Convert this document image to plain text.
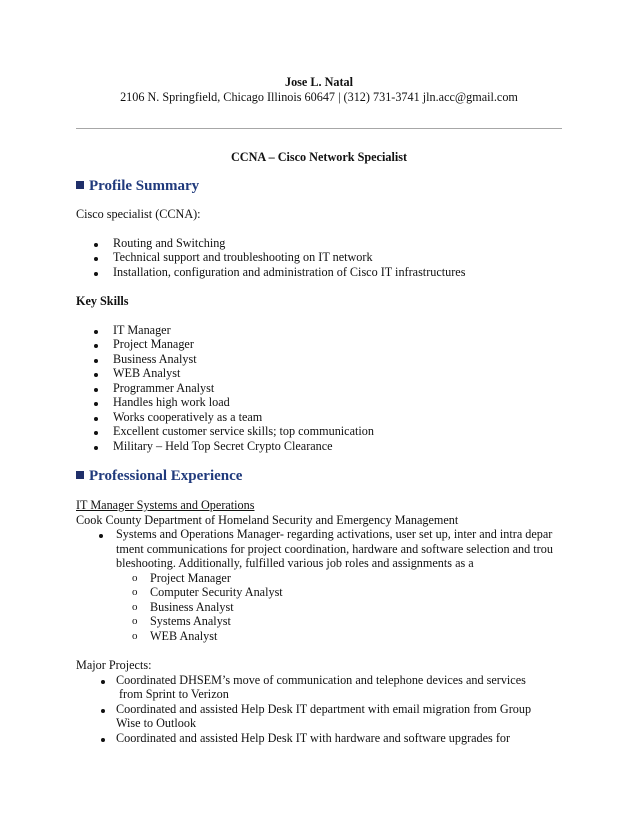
Jose L. Natal
2106 N. Springfield, Chicago Illinois 60647 | (312) 731-3741 jln.acc@gmail.com
CCNA – Cisco Network Specialist
Profile Summary
Cisco specialist (CCNA):
Routing and Switching
Technical support and troubleshooting on IT network
Installation, configuration and administration of Cisco IT infrastructures
Key Skills
IT Manager
Project Manager
Business Analyst
WEB Analyst
Programmer Analyst
Handles high work load
Works cooperatively as a team
Excellent customer service skills; top communication
Military – Held Top Secret Crypto Clearance
Professional Experience
IT Manager Systems and Operations
Cook County Department of Homeland Security and Emergency Management
Systems and Operations Manager- regarding activations, user set up, inter and intra depar
tment communications for project coordination, hardware and software selection and trou
bleshooting. Additionally, fulfilled various job roles and assignments as a
o Project Manager
o Computer Security Analyst
o Business Analyst
o Systems Analyst
o WEB Analyst
Major Projects:
Coordinated DHSEM’s move of communication and telephone devices and services
from Sprint to Verizon
Coordinated and assisted Help Desk IT department with email migration from Group
Wise to Outlook
Coordinated and assisted Help Desk IT with hardware and software upgrades for
